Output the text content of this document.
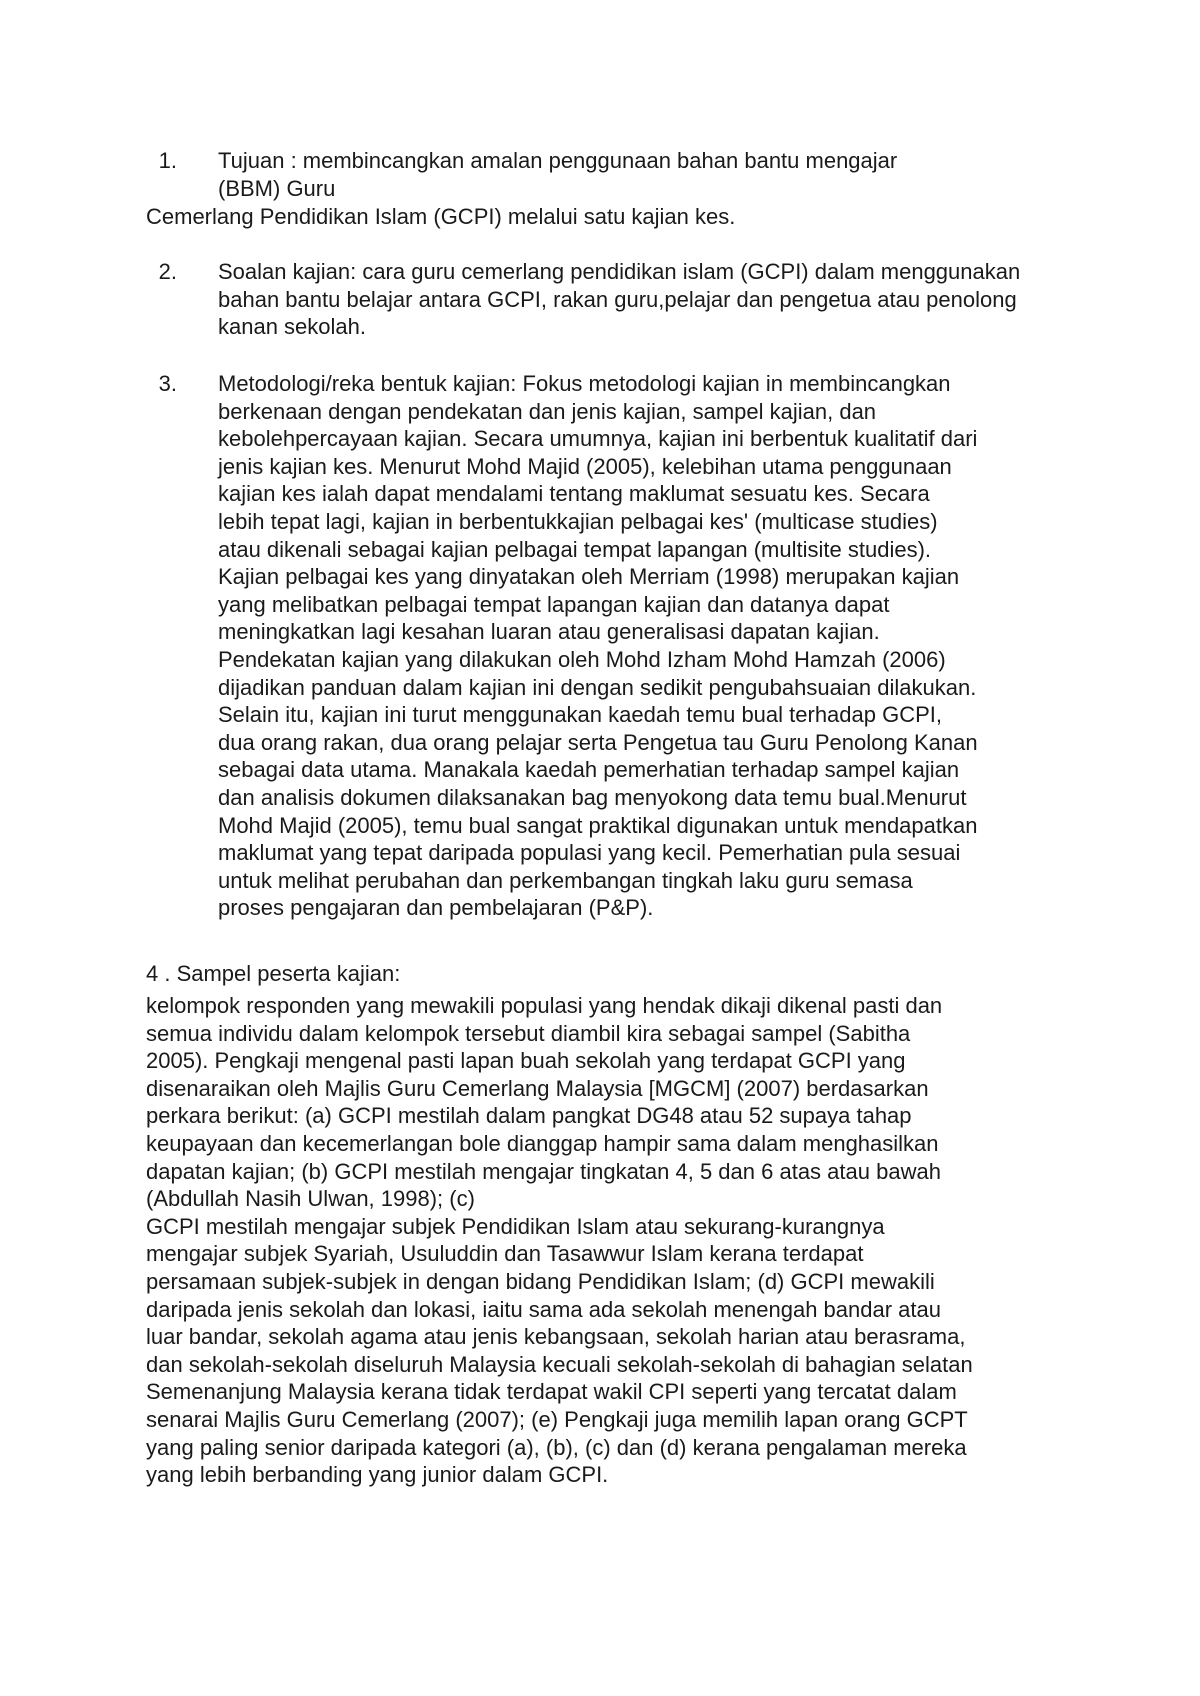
1. Tujuan : membincangkan amalan penggunaan bahan bantu mengajar
(BBM) Guru
Cemerlang Pendidikan Islam (GCPI) melalui satu kajian kes.
2. Soalan kajian: cara guru cemerlang pendidikan islam (GCPI) dalam menggunakan
bahan bantu belajar antara GCPI, rakan guru,pelajar dan pengetua atau penolong
kanan sekolah.
3. Metodologi/reka bentuk kajian: Fokus metodologi kajian in membincangkan
berkenaan dengan pendekatan dan jenis kajian, sampel kajian, dan
kebolehpercayaan kajian. Secara umumnya, kajian ini berbentuk kualitatif dari
jenis kajian kes. Menurut Mohd Majid (2005), kelebihan utama penggunaan
kajian kes ialah dapat mendalami tentang maklumat sesuatu kes. Secara
lebih tepat lagi, kajian in berbentukkajian pelbagai kes' (multicase studies)
atau dikenali sebagai kajian pelbagai tempat lapangan (multisite studies).
Kajian pelbagai kes yang dinyatakan oleh Merriam (1998) merupakan kajian
yang melibatkan pelbagai tempat lapangan kajian dan datanya dapat
meningkatkan lagi kesahan luaran atau generalisasi dapatan kajian.
Pendekatan kajian yang dilakukan oleh Mohd Izham Mohd Hamzah (2006)
dijadikan panduan dalam kajian ini dengan sedikit pengubahsuaian dilakukan.
Selain itu, kajian ini turut menggunakan kaedah temu bual terhadap GCPI,
dua orang rakan, dua orang pelajar serta Pengetua tau Guru Penolong Kanan
sebagai data utama. Manakala kaedah pemerhatian terhadap sampel kajian
dan analisis dokumen dilaksanakan bag menyokong data temu bual.Menurut
Mohd Majid (2005), temu bual sangat praktikal digunakan untuk mendapatkan
maklumat yang tepat daripada populasi yang kecil. Pemerhatian pula sesuai
untuk melihat perubahan dan perkembangan tingkah laku guru semasa
proses pengajaran dan pembelajaran (P&P).
4 . Sampel peserta kajian:
kelompok responden yang mewakili populasi yang hendak dikaji dikenal pasti dan
semua individu dalam kelompok tersebut diambil kira sebagai sampel (Sabitha
2005). Pengkaji mengenal pasti lapan buah sekolah yang terdapat GCPI yang
disenaraikan oleh Majlis Guru Cemerlang Malaysia [MGCM] (2007) berdasarkan
perkara berikut: (a) GCPI mestilah dalam pangkat DG48 atau 52 supaya tahap
keupayaan dan kecemerlangan bole dianggap hampir sama dalam menghasilkan
dapatan kajian; (b) GCPI mestilah mengajar tingkatan 4, 5 dan 6 atas atau bawah
(Abdullah Nasih Ulwan, 1998); (c)
GCPI mestilah mengajar subjek Pendidikan Islam atau sekurang-kurangnya
mengajar subjek Syariah, Usuluddin dan Tasawwur Islam kerana terdapat
persamaan subjek-subjek in dengan bidang Pendidikan Islam; (d) GCPI mewakili
daripada jenis sekolah dan lokasi, iaitu sama ada sekolah menengah bandar atau
luar bandar, sekolah agama atau jenis kebangsaan, sekolah harian atau berasrama,
dan sekolah-sekolah diseluruh Malaysia kecuali sekolah-sekolah di bahagian selatan
Semenanjung Malaysia kerana tidak terdapat wakil CPI seperti yang tercatat dalam
senarai Majlis Guru Cemerlang (2007); (e) Pengkaji juga memilih lapan orang GCPT
yang paling senior daripada kategori (a), (b), (c) dan (d) kerana pengalaman mereka
yang lebih berbanding yang junior dalam GCPI.
